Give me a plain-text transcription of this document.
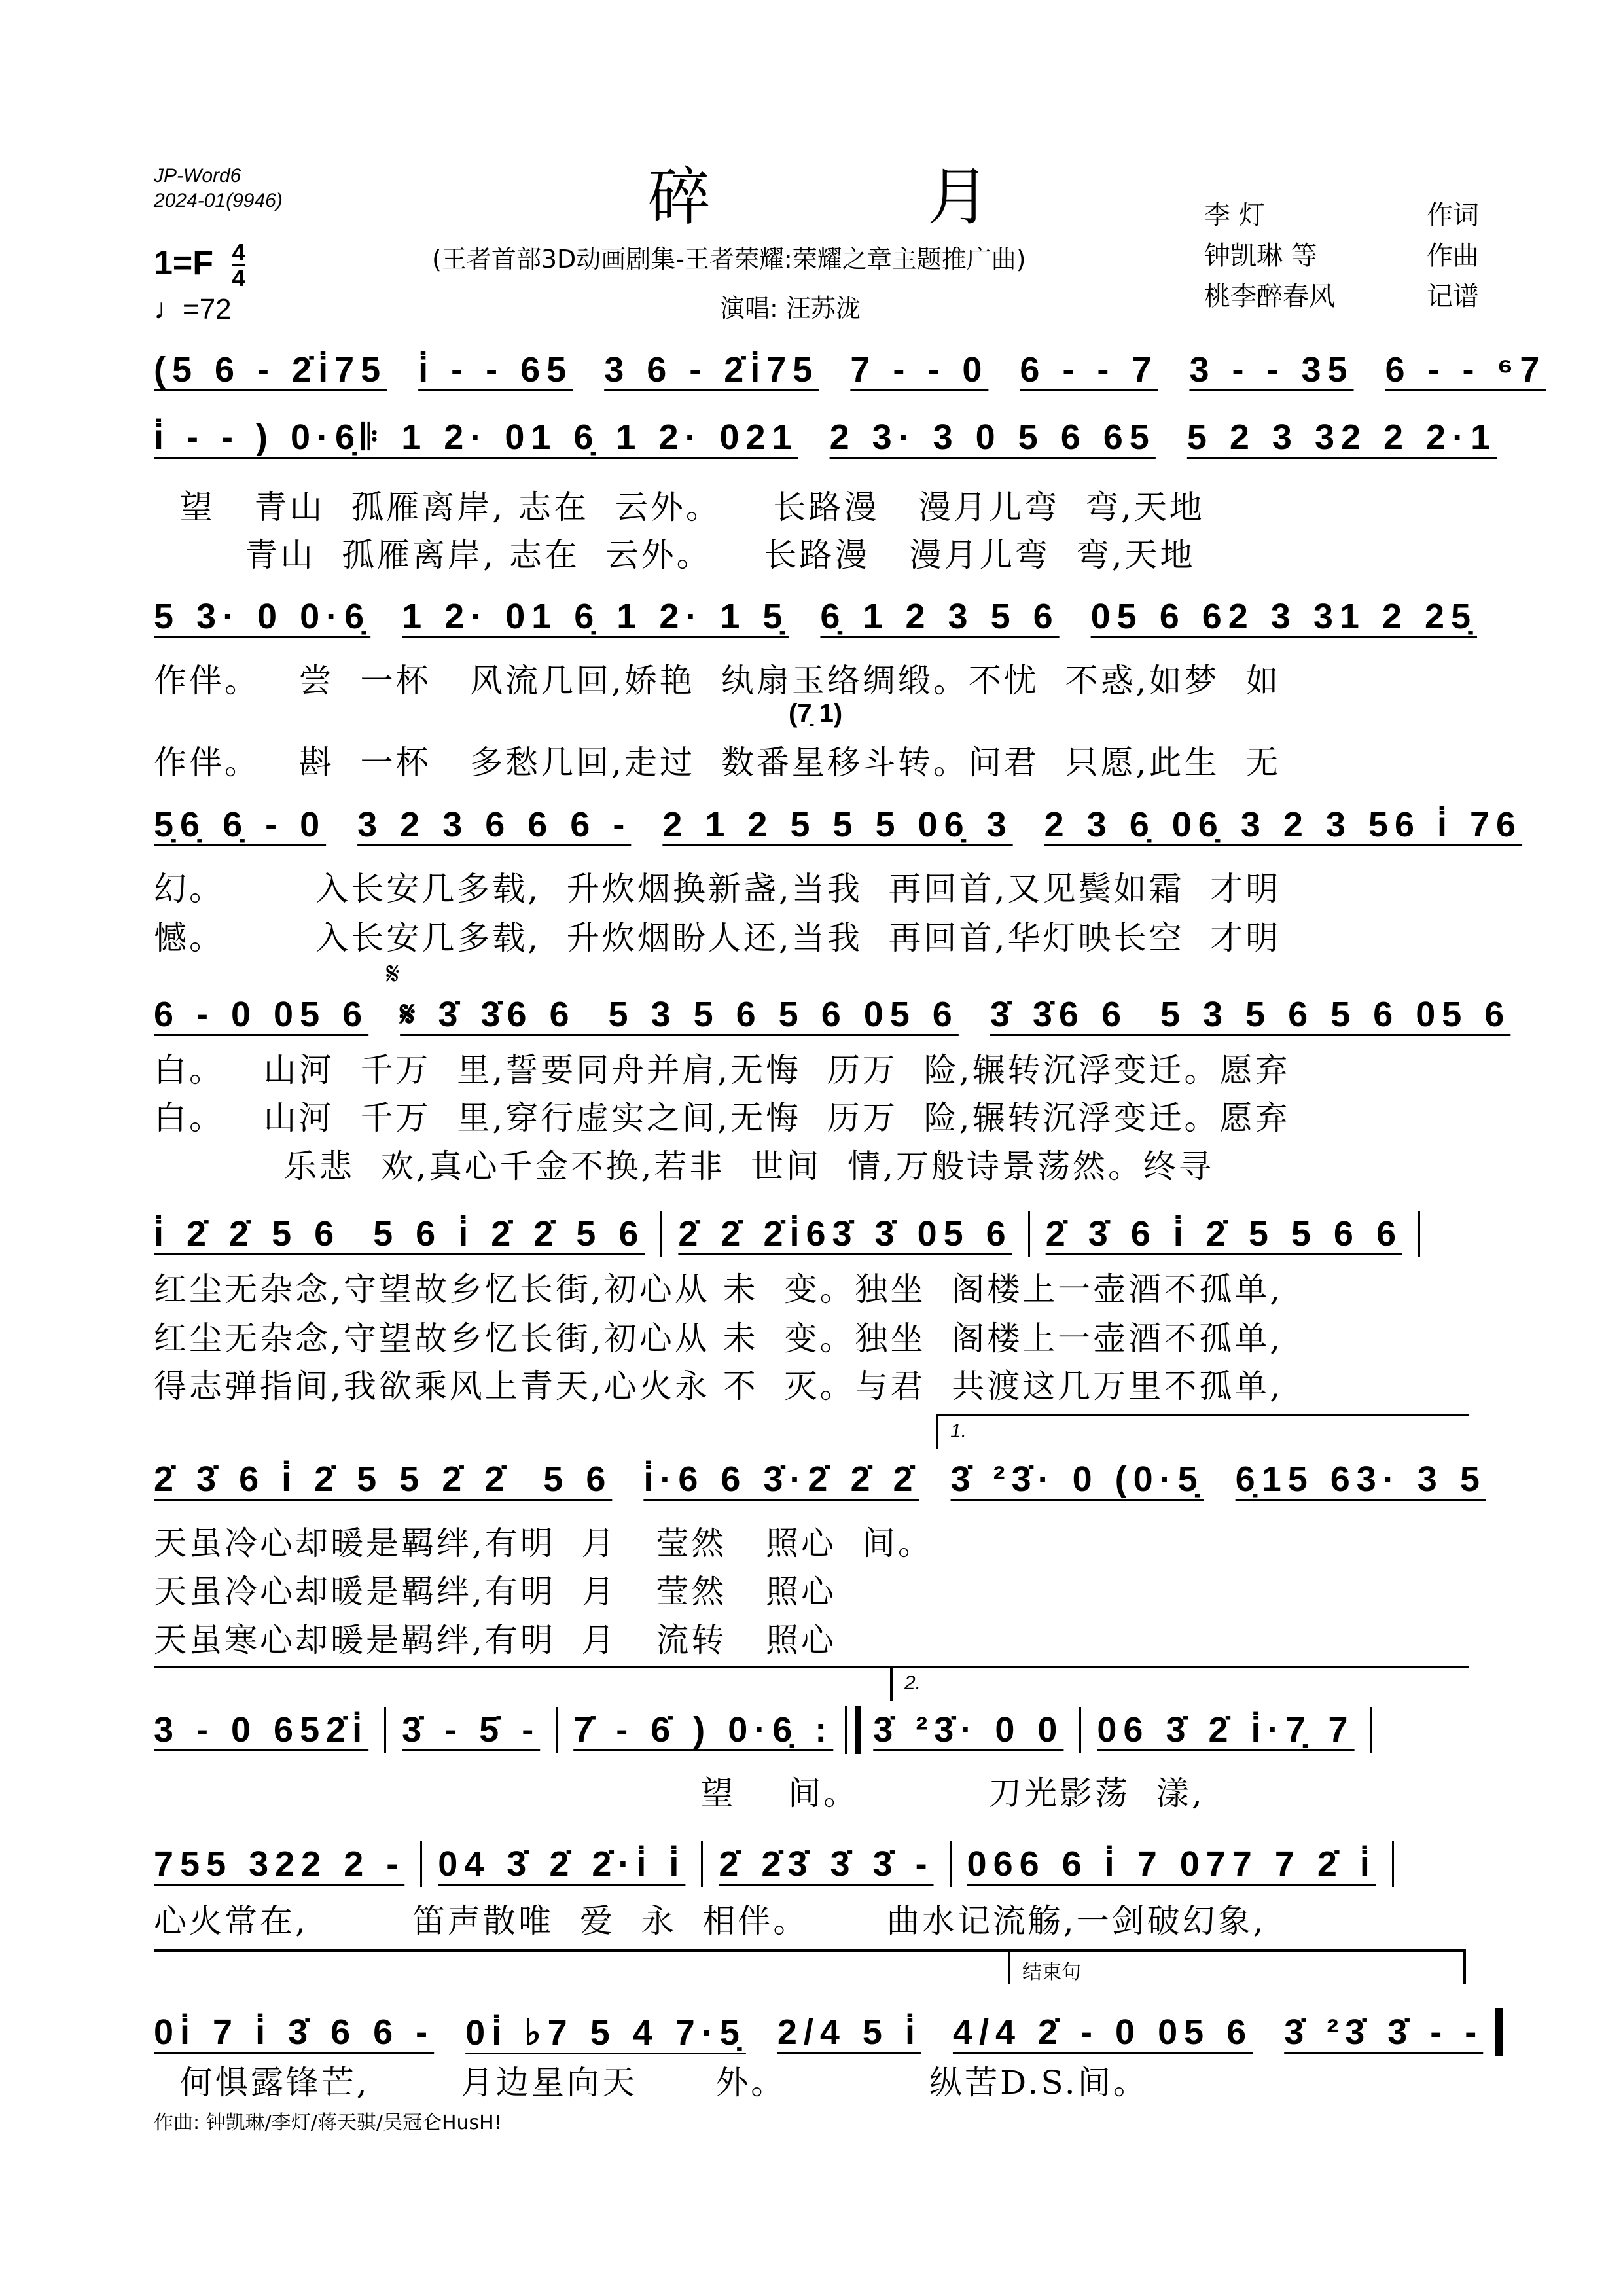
JP-Word6
2024-01(9946)	碎 月
$1=F \frac{4}{4}$
♩=72
(王者首部3D动画剧集-王者荣耀:荣耀之章主题推广曲)
演唱: 汪苏泷
李 灯	作词
钟凯琳 等	作曲
桃李醉春风	记谱
(5 6 - 2̇i̇75 i̇ - - 65 3 6 - 2̇i̇75 7 - - 0 6 - - 7 3 - - 35 6 - - ⁶7
i̇ - - ) 0·6̣ 𝄆 1 2· 01 6̣ 1 2· 021 2 3· 3 0 5 6 65 5 2 3 32 2 2·1
望   青山  孤雁离岸, 志在  云外。    长路漫   漫月儿弯  弯,天地
青山  孤雁离岸, 志在  云外。    长路漫   漫月儿弯  弯,天地
5 3· 0 0·6̣ 1 2· 01 6̣ 1 2· 1 5̣ 6̣ 1 2 3 5 6 05 6 62 3 31 2 25̣
作伴。   尝  一杯   风流几回,娇艳  纨扇玉络绸缎。不忧  不惑,如梦  如
(7̣ 1)
作伴。   斟  一杯   多愁几回,走过  数番星移斗转。问君  只愿,此生  无
5̣6̣ 6̣ - 0 3 2 3 6 6 6 - 2 1 2 5 5 5 06̣ 3 2 3 6̣ 06̣ 3 2 3 56 i̇ 76
幻。       入长安几多载,  升炊烟换新盏,当我  再回首,又见鬓如霜  才明
憾。       入长安几多载,  升炊烟盼人还,当我  再回首,华灯映长空  才明
𝄋
6 - 0 05 6 𝄋 3̇ 3̇6 6  5 3 5 6 5 6 05 6 3̇ 3̇6 6  5 3 5 6 5 6 05 6
白。   山河  千万  里,誓要同舟并肩,无悔  历万  险,辗转沉浮变迁。愿弃
白。   山河  千万  里,穿行虚实之间,无悔  历万  险,辗转沉浮变迁。愿弃
乐悲  欢,真心千金不换,若非  世间  情,万般诗景荡然。终寻
i̇ 2̇ 2̇ 5 6  5 6 i̇ 2̇ 2̇ 5 6 2̇ 2̇ 2̇i̇63̇ 3̇ 05 6 2̇ 3̇ 6 i̇ 2̇ 5 5 6 6
红尘无杂念,守望故乡忆长街,初心从 未  变。独坐  阁楼上一壶酒不孤单,
红尘无杂念,守望故乡忆长街,初心从 未  变。独坐  阁楼上一壶酒不孤单,
得志弹指间,我欲乘风上青天,心火永 不  灭。与君  共渡这几万里不孤单,
1.
2̇ 3̇ 6 i̇ 2̇ 5 5 2̇ 2̇  5 6 i̇·6 6 3̇·2̇ 2̇ 2̇ 3̇ ²3̇· 0 (0·5̣ 6̣15 63· 3 5
天虽冷心却暖是羁绊,有明  月   莹然   照心  间。
天虽冷心却暖是羁绊,有明  月   莹然   照心
天虽寒心却暖是羁绊,有明  月   流转   照心
2.
3 - 0 652̇i̇ 3̇ - 5̇ - 7̇ - 6̇ ) 0·6̣ : 3̇ ²3̇· 0 0 06 3̇ 2̇ i̇·7̣ 7
望    间。          刀光影荡  漾,
755 322 2 - 04 3̇ 2̇ 2̇·i̇ i̇ 2̇ 2̇3̇ 3̇ 3̇ - 066 6 i̇ 7 077 7 2̇ i̇
心火常在,        笛声散唯  爱  永  相伴。      曲水记流觞,一剑破幻象,
结束句
0i̇ 7 i̇ 3̇ 6 6 - 0i̇ ♭7 5 4 7·5̣ 2/4 5 i̇ 4/4 2̇ - 0 05 6 3̇ ²3̇ 3̇ - -
何惧露锋芒,       月边星向天      外。           纵苦D.S.间。
作曲: 钟凯琳/李灯/蒋天骐/吴冠仑HusH!
